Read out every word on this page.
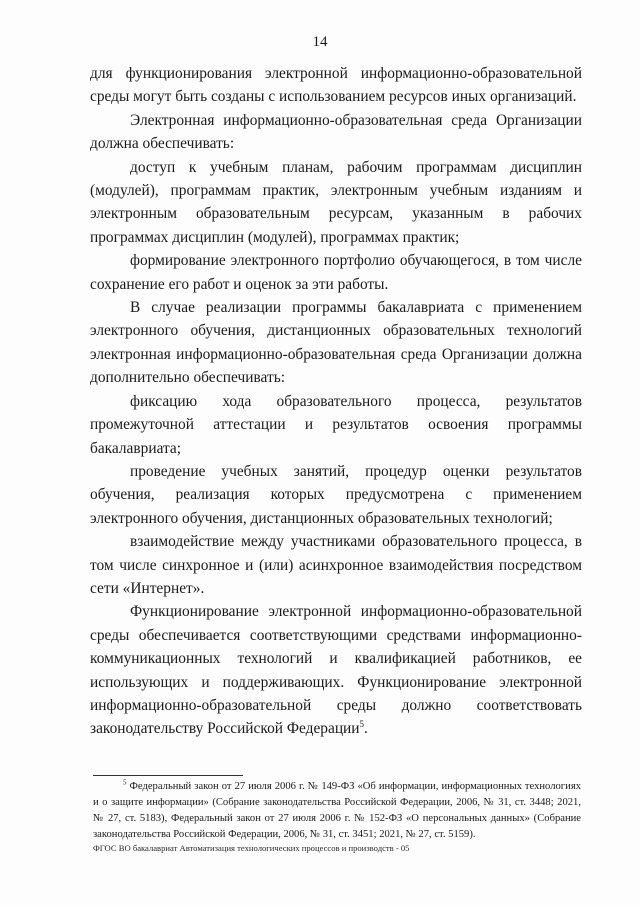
14

для функционирования электронной информационно-образовательной среды могут быть созданы с использованием ресурсов иных организаций.

Электронная информационно-образовательная среда Организации должна обеспечивать:

доступ к учебным планам, рабочим программам дисциплин (модулей), программам практик, электронным учебным изданиям и электронным образовательным ресурсам, указанным в рабочих программах дисциплин (модулей), программах практик;

формирование электронного портфолио обучающегося, в том числе сохранение его работ и оценок за эти работы.

В случае реализации программы бакалавриата с применением электронного обучения, дистанционных образовательных технологий электронная информационно-образовательная среда Организации должна дополнительно обеспечивать:

фиксацию хода образовательного процесса, результатов промежуточной аттестации и результатов освоения программы бакалавриата;

проведение учебных занятий, процедур оценки результатов обучения, реализация которых предусмотрена с применением электронного обучения, дистанционных образовательных технологий;

взаимодействие между участниками образовательного процесса, в том числе синхронное и (или) асинхронное взаимодействия посредством сети «Интернет».

Функционирование электронной информационно-образовательной среды обеспечивается соответствующими средствами информационно-коммуникационных технологий и квалификацией работников, ее использующих и поддерживающих. Функционирование электронной информационно-образовательной среды должно соответствовать законодательству Российской Федерации$^5$.

$^5$ Федеральный закон от 27 июля 2006 г. № 149-ФЗ «Об информации, информационных технологиях и о защите информации» (Собрание законодательства Российской Федерации, 2006, № 31, ст. 3448; 2021, № 27, ст. 5183), Федеральный закон от 27 июля 2006 г. № 152-ФЗ «О персональных данных» (Собрание законодательства Российской Федерации, 2006, № 31, ст. 3451; 2021, № 27, ст. 5159).
ФГОС ВО бакалавриат Автоматизация технологических процессов и производств - 05
